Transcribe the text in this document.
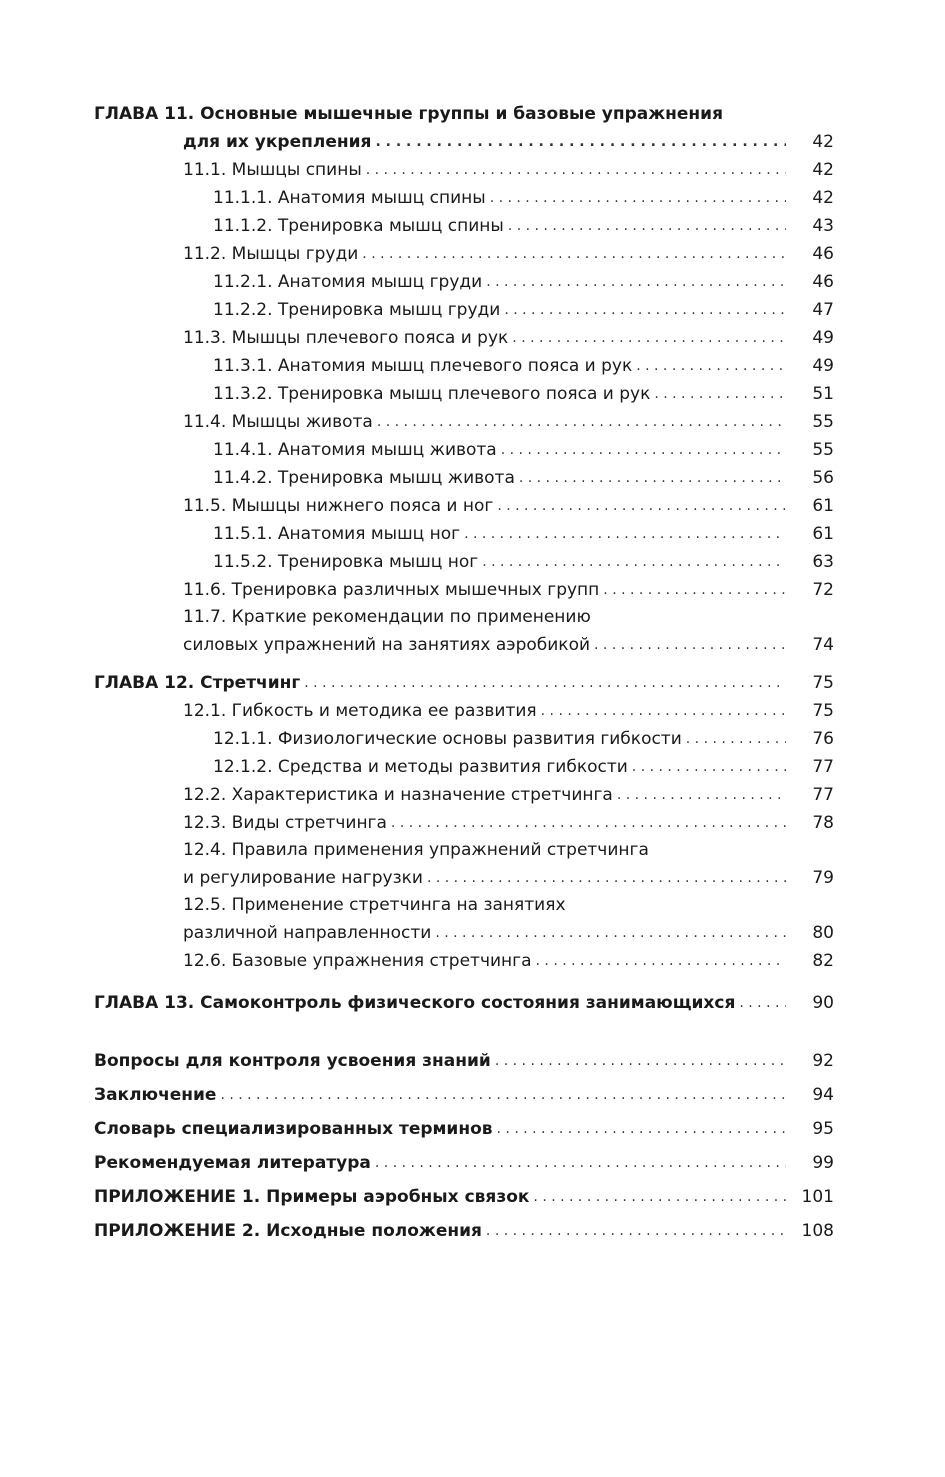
ГЛАВА 11. Основные мышечные группы и базовые упражнения
для их укрепления . . .	42
11.1. Мышцы спины . . .	42
11.1.1. Анатомия мышц спины . . .	42
11.1.2. Тренировка мышц спины . . .	43
11.2. Мышцы груди . . .	46
11.2.1. Анатомия мышц груди . . .	46
11.2.2. Тренировка мышц груди . . .	47
11.3. Мышцы плечевого пояса и рук . . .	49
11.3.1. Анатомия мышц плечевого пояса и рук . . .	49
11.3.2. Тренировка мышц плечевого пояса и рук . . .	51
11.4. Мышцы живота . . .	55
11.4.1. Анатомия мышц живота . . .	55
11.4.2. Тренировка мышц живота . . .	56
11.5. Мышцы нижнего пояса и ног . . .	61
11.5.1. Анатомия мышц ног . . .	61
11.5.2. Тренировка мышц ног . . .	63
11.6. Тренировка различных мышечных групп . . .	72
11.7. Краткие рекомендации по применению
силовых упражнений на занятиях аэробикой . . .	74
ГЛАВА 12. Стретчинг . . .	75
12.1. Гибкость и методика ее развития . . .	75
12.1.1. Физиологические основы развития гибкости . . .	76
12.1.2. Средства и методы развития гибкости . . .	77
12.2. Характеристика и назначение стретчинга . . .	77
12.3. Виды стретчинга . . .	78
12.4. Правила применения упражнений стретчинга
и регулирование нагрузки . . .	79
12.5. Применение стретчинга на занятиях
различной направленности . . .	80
12.6. Базовые упражнения стретчинга . . .	82
ГЛАВА 13. Самоконтроль физического состояния занимающихся . . .	90
Вопросы для контроля усвоения знаний . . .	92
Заключение . . .	94
Словарь специализированных терминов . . .	95
Рекомендуемая литература . . .	99
ПРИЛОЖЕНИЕ 1. Примеры аэробных связок . . .	101
ПРИЛОЖЕНИЕ 2. Исходные положения . . .	108
